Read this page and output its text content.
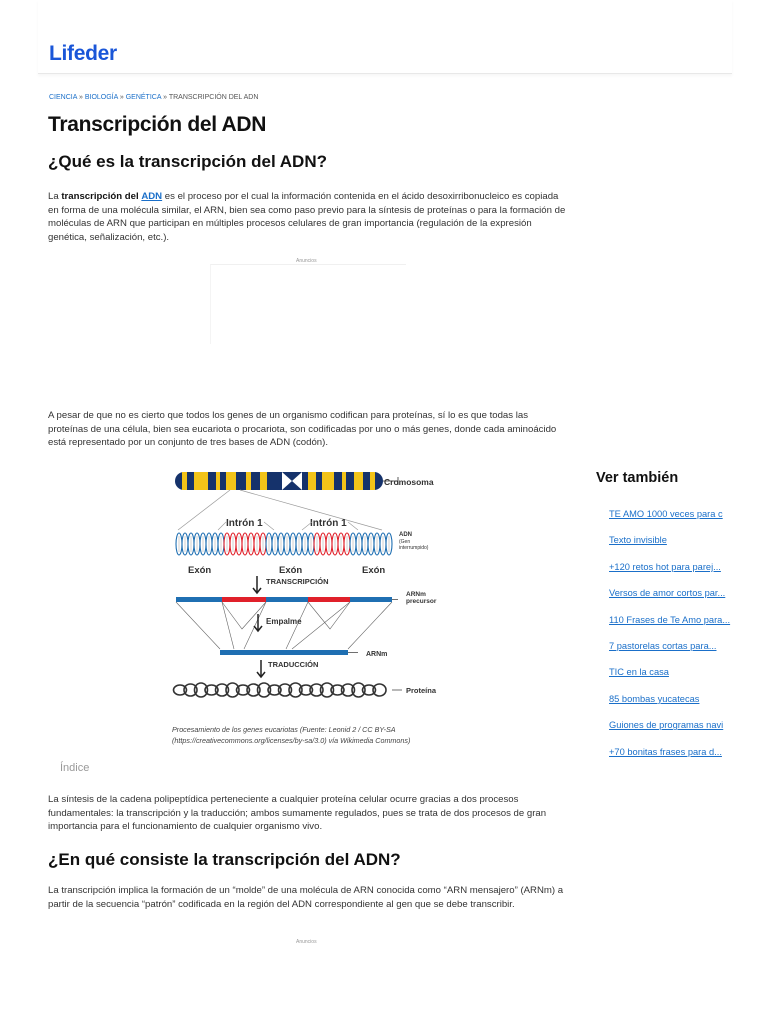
Lifeder
CIENCIA » BIOLOGÍA » GENÉTICA » TRANSCRIPCIÓN DEL ADN
Transcripción del ADN
¿Qué es la transcripción del ADN?

La transcripción del ADN es el proceso por el cual la información contenida en el ácido desoxirribonucleico es copiada en forma de una molécula similar, el ARN, bien sea como paso previo para la síntesis de proteínas o para la formación de moléculas de ARN que participan en múltiples procesos celulares de gran importancia (regulación de la expresión genética, señalización, etc.).

Anuncios

A pesar de que no es cierto que todos los genes de un organismo codifican para proteínas, sí lo es que todas las proteínas de una célula, bien sea eucariota o procariota, son codificadas por uno o más genes, donde cada aminoácido está representado por un conjunto de tres bases de ADN (codón).

Cromosoma
Intrón 1	Intrón 1
ADN
(Gen
interrumpido)
Exón	Exón	Exón
TRANSCRIPCIÓN
ARNm
precursor
Empalme
ARNm
TRADUCCIÓN
Proteína
Procesamiento de los genes eucariotas (Fuente: Leonid 2 / CC BY-SA
(https://creativecommons.org/licenses/by-sa/3.0) vía Wikimedia Commons)
Índice

La síntesis de la cadena polipeptídica perteneciente a cualquier proteína celular ocurre gracias a dos procesos fundamentales: la transcripción y la traducción; ambos sumamente regulados, pues se trata de dos procesos de gran importancia para el funcionamiento de cualquier organismo vivo.

¿En qué consiste la transcripción del ADN?

La transcripción implica la formación de un “molde” de una molécula de ARN conocida como “ARN mensajero” (ARNm) a partir de la secuencia “patrón” codificada en la región del ADN correspondiente al gen que se debe transcribir.

Anuncios
Ver también
TE AMO 1000 veces para c
Texto invisible
+120 retos hot para parej...
Versos de amor cortos par...
110 Frases de Te Amo para...
7 pastorelas cortas para...
TIC en la casa
85 bombas yucatecas
Guiones de programas navi
+70 bonitas frases para d...
